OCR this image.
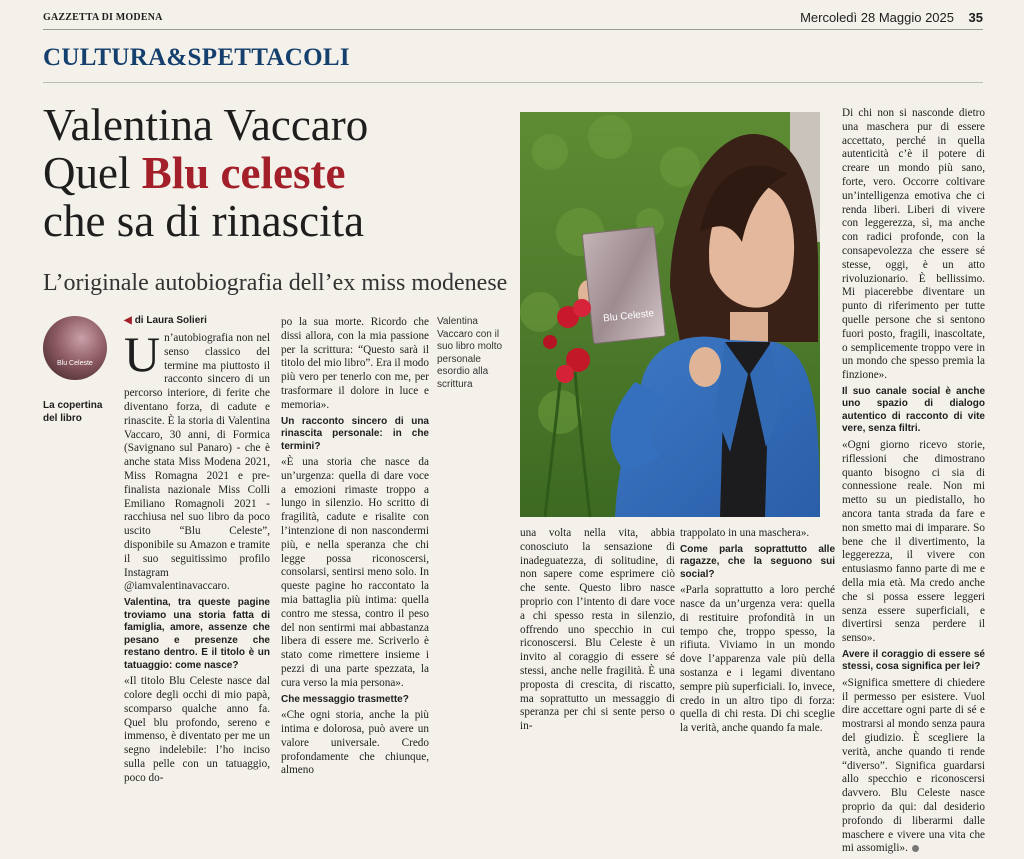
GAZZETTA DI MODENA	Mercoledì 28 Maggio 2025 35
CULTURA&SPETTACOLI
Valentina Vaccaro
Quel Blu celeste
che sa di rinascita
L’originale autobiografia dell’ex miss modenese
Blu Celeste
La copertina del libro
◀ di Laura Solieri

Un’autobiografia non nel senso classico del termine ma piuttosto il racconto sincero di un percorso interiore, di ferite che diventano forza, di cadute e rinascite. È la storia di Valentina Vaccaro, 30 anni, di Formica (Savignano sul Panaro) - che è anche stata Miss Modena 2021, Miss Romagna 2021 e pre-finalista nazionale Miss Colli Emiliano Romagnoli 2021 - racchiusa nel suo libro da poco uscito “Blu Celeste”, disponibile su Amazon e tramite il suo seguitissimo profilo Instagram @iamvalentinavaccaro.

Valentina, tra queste pagine troviamo una storia fatta di famiglia, amore, assenze che pesano e presenze che restano dentro. E il titolo è un tatuaggio: come nasce?

«Il titolo Blu Celeste nasce dal colore degli occhi di mio papà, scomparso qualche anno fa. Quel blu profondo, sereno e immenso, è diventato per me un segno indelebile: l’ho inciso sulla pelle con un tatuaggio, poco do-

po la sua morte. Ricordo che dissi allora, con la mia passione per la scrittura: “Questo sarà il titolo del mio libro”. Era il modo più vero per tenerlo con me, per trasformare il dolore in luce e memoria».

Un racconto sincero di una rinascita personale: in che termini?

«È una storia che nasce da un’urgenza: quella di dare voce a emozioni rimaste troppo a lungo in silenzio. Ho scritto di fragilità, cadute e risalite con l’intenzione di non nascondermi più, e nella speranza che chi legge possa riconoscersi, consolarsi, sentirsi meno solo. In queste pagine ho raccontato la mia battaglia più intima: quella contro me stessa, contro il peso del non sentirmi mai abbastanza libera di essere me. Scriverlo è stato come rimettere insieme i pezzi di una parte spezzata, la cura verso la mia persona».

Che messaggio trasmette?

«Che ogni storia, anche la più intima e dolorosa, può avere un valore universale. Credo profondamente che chiunque, almeno

Valentina Vaccaro con il suo libro molto personale esordio alla scrittura
Blu Celeste

una volta nella vita, abbia conosciuto la sensazione di inadeguatezza, di solitudine, di non sapere come esprimere ciò che sente. Questo libro nasce proprio con l’intento di dare voce a chi spesso resta in silenzio, offrendo uno specchio in cui riconoscersi. Blu Celeste è un invito al coraggio di essere sé stessi, anche nelle fragilità. È una proposta di crescita, di riscatto, ma soprattutto un messaggio di speranza per chi si sente perso o in-

trappolato in una maschera».

Come parla soprattutto alle ragazze, che la seguono sui social?

«Parla soprattutto a loro perché nasce da un’urgenza vera: quella di restituire profondità in un tempo che, troppo spesso, la rifiuta. Viviamo in un mondo dove l’apparenza vale più della sostanza e i legami diventano sempre più superficiali. Io, invece, credo in un altro tipo di forza: quella di chi resta. Di chi sceglie la verità, anche quando fa male.

Di chi non si nasconde dietro una maschera pur di essere accettato, perché in quella autenticità c’è il potere di creare un mondo più sano, forte, vero. Occorre coltivare un’intelligenza emotiva che ci renda liberi. Liberi di vivere con leggerezza, sì, ma anche con radici profonde, con la consapevolezza che essere sé stesse, oggi, è un atto rivoluzionario. È bellissimo. Mi piacerebbe diventare un punto di riferimento per tutte quelle persone che si sentono fuori posto, fragili, inascoltate, o semplicemente troppo vere in un mondo che spesso premia la finzione».

Il suo canale social è anche uno spazio di dialogo autentico di racconto di vite vere, senza filtri.

«Ogni giorno ricevo storie, riflessioni che dimostrano quanto bisogno ci sia di connessione reale. Non mi metto su un piedistallo, ho ancora tanta strada da fare e non smetto mai di imparare. So bene che il divertimento, la leggerezza, il vivere con entusiasmo fanno parte di me e della mia età. Ma credo anche che si possa essere leggeri senza essere superficiali, e divertirsi senza perdere il senso».

Avere il coraggio di essere sé stessi, cosa significa per lei?

«Significa smettere di chiedere il permesso per esistere. Vuol dire accettare ogni parte di sé e mostrarsi al mondo senza paura del giudizio. È scegliere la verità, anche quando ti rende “diverso”. Significa guardarsi allo specchio e riconoscersi davvero. Blu Celeste nasce proprio da qui: dal desiderio profondo di liberarmi dalle maschere e vivere una vita che mi assomigli».
